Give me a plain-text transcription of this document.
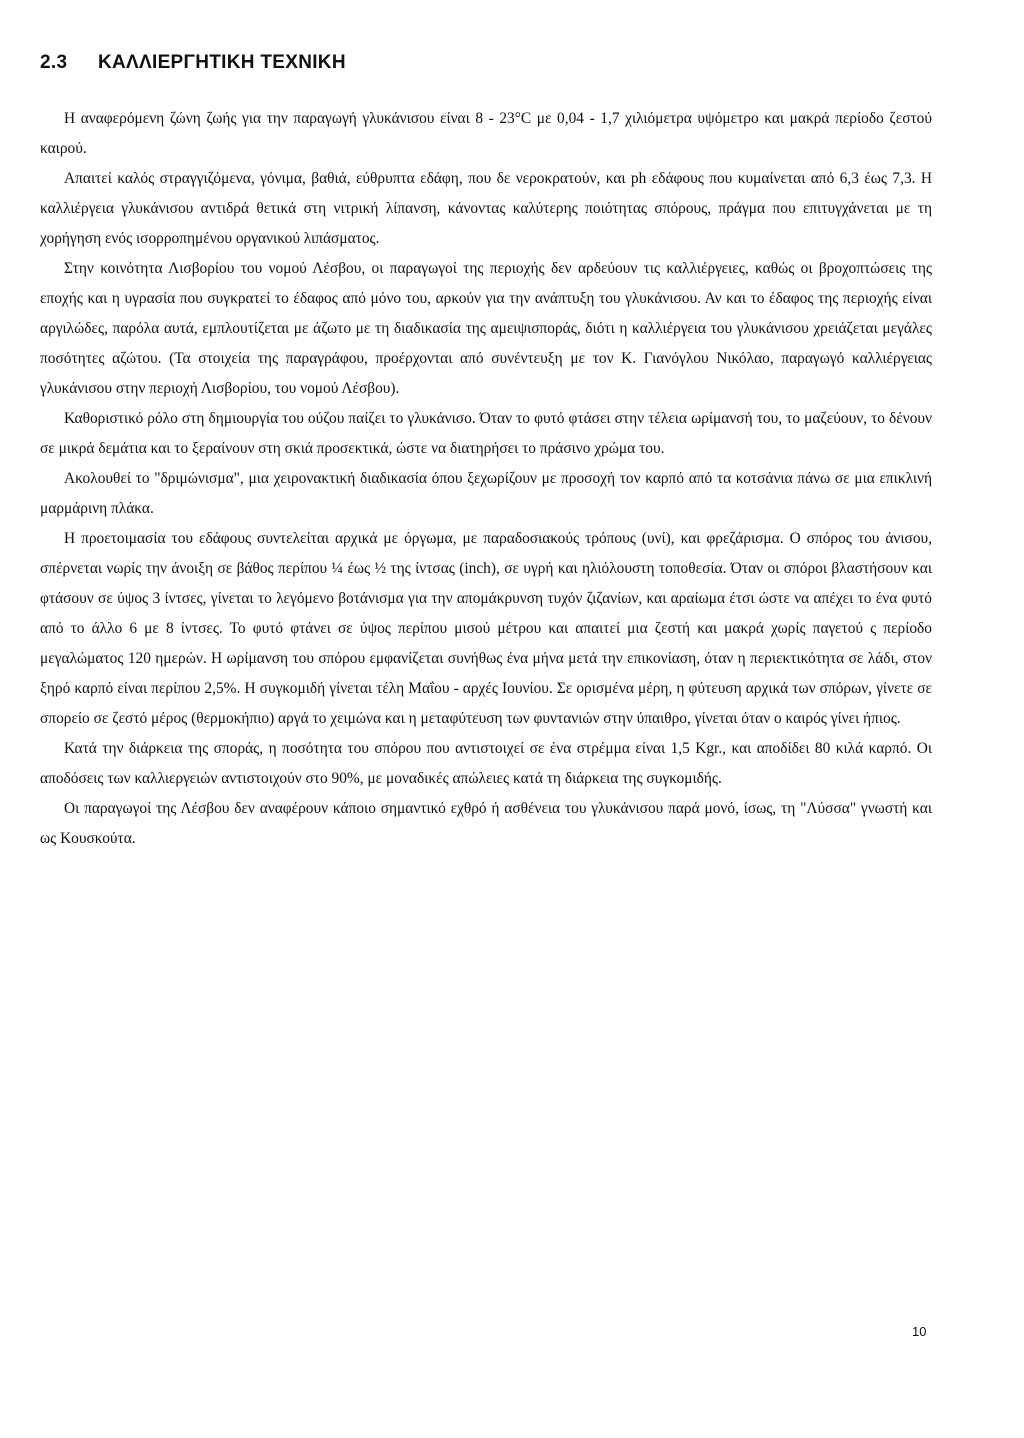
2.3 ΚΑΛΛΙΕΡΓΗΤΙΚΗ ΤΕΧΝΙΚΗ

Η αναφερόμενη ζώνη ζωής για την παραγωγή γλυκάνισου είναι 8 - 23°C με 0,04 - 1,7 χιλιόμετρα υψόμετρο και μακρά περίοδο ζεστού καιρού.

Απαιτεί καλός στραγγιζόμενα, γόνιμα, βαθιά, εύθρυπτα εδάφη, που δε νεροκρατούν, και ph εδάφους που κυμαίνεται από 6,3 έως 7,3. Η καλλιέργεια γλυκάνισου αντιδρά θετικά στη νιτρική λίπανση, κάνοντας καλύτερης ποιότητας σπόρους, πράγμα που επιτυγχάνεται με τη χορήγηση ενός ισορροπημένου οργανικού λιπάσματος.

Στην κοινότητα Λισβορίου του νομού Λέσβου, οι παραγωγοί της περιοχής δεν αρδεύουν τις καλλιέργειες, καθώς οι βροχοπτώσεις της εποχής και η υγρασία που συγκρατεί το έδαφος από μόνο του, αρκούν για την ανάπτυξη του γλυκάνισου. Αν και το έδαφος της περιοχής είναι αργιλώδες, παρόλα αυτά, εμπλουτίζεται με άζωτο με τη διαδικασία της αμειψισποράς, διότι η καλλιέργεια του γλυκάνισου χρειάζεται μεγάλες ποσότητες αζώτου. (Τα στοιχεία της παραγράφου, προέρχονται από συνέντευξη με τον Κ. Γιανόγλου Νικόλαο, παραγωγό καλλιέργειας γλυκάνισου στην περιοχή Λισβορίου, του νομού Λέσβου).

Καθοριστικό ρόλο στη δημιουργία του ούζου παίζει το γλυκάνισο. Όταν το φυτό φτάσει στην τέλεια ωρίμανσή του, το μαζεύουν, το δένουν σε μικρά δεμάτια και το ξεραίνουν στη σκιά προσεκτικά, ώστε να διατηρήσει το πράσινο χρώμα του.

Ακολουθεί το "δριμώνισμα", μια χειρονακτική διαδικασία όπου ξεχωρίζουν με προσοχή τον καρπό από τα κοτσάνια πάνω σε μια επικλινή μαρμάρινη πλάκα.

Η προετοιμασία του εδάφους συντελείται αρχικά με όργωμα, με παραδοσιακούς τρόπους (υνί), και φρεζάρισμα. Ο σπόρος του άνισου, σπέρνεται νωρίς την άνοιξη σε βάθος περίπου ¼ έως ½ της ίντσας (inch), σε υγρή και ηλιόλουστη τοποθεσία. Όταν οι σπόροι βλαστήσουν και φτάσουν σε ύψος 3 ίντσες, γίνεται το λεγόμενο βοτάνισμα για την απομάκρυνση τυχόν ζιζανίων, και αραίωμα έτσι ώστε να απέχει το ένα φυτό από το άλλο 6 με 8 ίντσες. Το φυτό φτάνει σε ύψος περίπου μισού μέτρου και απαιτεί μια ζεστή και μακρά χωρίς παγετού ς περίοδο μεγαλώματος 120 ημερών. Η ωρίμανση του σπόρου εμφανίζεται συνήθως ένα μήνα μετά την επικονίαση, όταν η περιεκτικότητα σε λάδι, στον ξηρό καρπό είναι περίπου 2,5%. Η συγκομιδή γίνεται τέλη Μαΐου - αρχές Ιουνίου. Σε ορισμένα μέρη, η φύτευση αρχικά των σπόρων, γίνετε σε σπορείο σε ζεστό μέρος (θερμοκήπιο) αργά το χειμώνα και η μεταφύτευση των φυντανιών στην ύπαιθρο, γίνεται όταν ο καιρός γίνει ήπιος.

Κατά την διάρκεια της σποράς, η ποσότητα του σπόρου που αντιστοιχεί σε ένα στρέμμα είναι 1,5 Kgr., και αποδίδει 80 κιλά καρπό. Οι αποδόσεις των καλλιεργειών αντιστοιχούν στο 90%, με μοναδικές απώλειες κατά τη διάρκεια της συγκομιδής.

Οι παραγωγοί της Λέσβου δεν αναφέρουν κάποιο σημαντικό εχθρό ή ασθένεια του γλυκάνισου παρά μονό, ίσως, τη "Λύσσα" γνωστή και ως Κουσκούτα.

10
